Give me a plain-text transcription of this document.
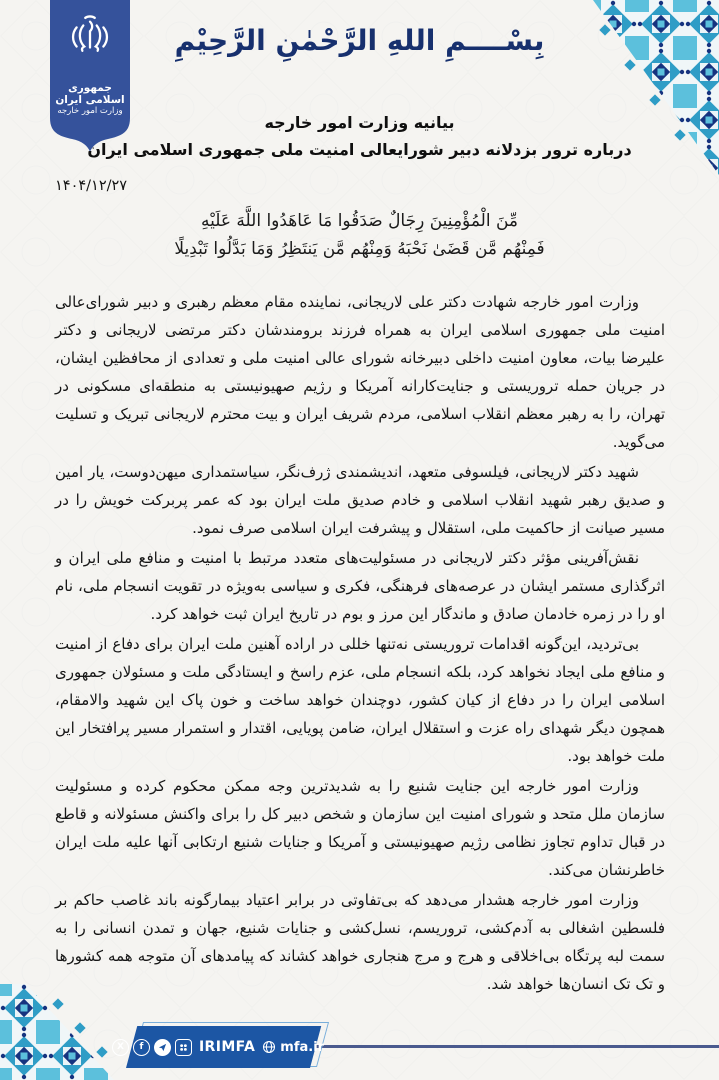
جمهوری اسلامی ایران
وزارت امور خارجه
بِسْــــمِ اللهِ الرَّحْمٰنِ الرَّحِیْمِ
بیانیه وزارت امور خارجه
درباره ترور بزدلانه دبیر شورایعالی امنیت ملی جمهوری اسلامی ایران
۱۴۰۴/۱۲/۲۷
مِّنَ الْمُؤْمِنِينَ رِجَالٌ صَدَقُوا مَا عَاهَدُوا اللَّهَ عَلَيْهِ
فَمِنْهُم مَّن قَضَىٰ نَحْبَهُ وَمِنْهُم مَّن يَنتَظِرُ وَمَا بَدَّلُوا تَبْدِيلًا

وزارت امور خارجه شهادت دکتر علی لاریجانی، نماینده مقام معظم رهبری و دبیر شورای‌عالی امنیت ملی جمهوری اسلامی ایران به همراه فرزند برومندشان دکتر مرتضی لاریجانی و دکتر علیرضا بیات، معاون امنیت داخلی دبیرخانه شورای عالی امنیت ملی و تعدادی از محافظین ایشان، در جریان حمله تروریستی و جنایت‌کارانه آمریکا و رژیم صهیونیستی به منطقه‌ای مسکونی در تهران، را به رهبر معظم انقلاب اسلامی، مردم شریف ایران و بیت محترم لاریجانی تبریک و تسلیت می‌گوید.

شهید دکتر لاریجانی، فیلسوفی متعهد، اندیشمندی ژرف‌نگر، سیاستمداری میهن‌دوست، یار امین و صدیق رهبر شهید انقلاب اسلامی و خادم صدیق ملت ایران بود که عمر پربرکت خویش را در مسیر صیانت از حاکمیت ملی، استقلال و پیشرفت ایران اسلامی صرف نمود.

نقش‌آفرینی مؤثر دکتر لاریجانی در مسئولیت‌های متعدد مرتبط با امنیت و منافع ملی ایران و اثرگذاری مستمر ایشان در عرصه‌های فرهنگی، فکری و سیاسی به‌ویژه در تقویت انسجام ملی، نام او را در زمره خادمان صادق و ماندگار این مرز و بوم در تاریخ ایران ثبت خواهد کرد.

بی‌تردید، این‌گونه اقدامات تروریستی نه‌تنها خللی در اراده آهنین ملت ایران برای دفاع از امنیت و منافع ملی ایجاد نخواهد کرد، بلکه انسجام ملی، عزم راسخ و ایستادگی ملت و مسئولان جمهوری اسلامی ایران را در دفاع از کیان کشور، دوچندان خواهد ساخت و خون پاک این شهید والامقام، همچون دیگر شهدای راه عزت و استقلال ایران، ضامن پویایی، اقتدار و استمرار مسیر پرافتخار این ملت خواهد بود.

وزارت امور خارجه این جنایت شنیع را به شدیدترین وجه ممکن محکوم کرده و مسئولیت سازمان ملل متحد و شورای امنیت این سازمان و شخص دبیر کل را برای واکنش مسئولانه و قاطع در قبال تداوم تجاوز نظامی رژیم صهیونیستی و آمریکا و جنایات شنیع ارتکابی آنها علیه ملت ایران خاطرنشان می‌کند.

وزارت امور خارجه هشدار می‌دهد که بی‌تفاوتی در برابر اعتیاد بیمارگونه باند غاصب حاکم بر فلسطین اشغالی به آدم‌کشی، تروریسم، نسل‌کشی و جنایات شنیع، جهان و تمدن انسانی را به سمت لبه پرتگاه بی‌اخلاقی و هرج و مرج هنجاری خواهد کشاند که پیامدهای آن متوجه همه کشورها و تک تک انسان‌ها خواهد شد.

X	f	IRIMFA mfa.ir
